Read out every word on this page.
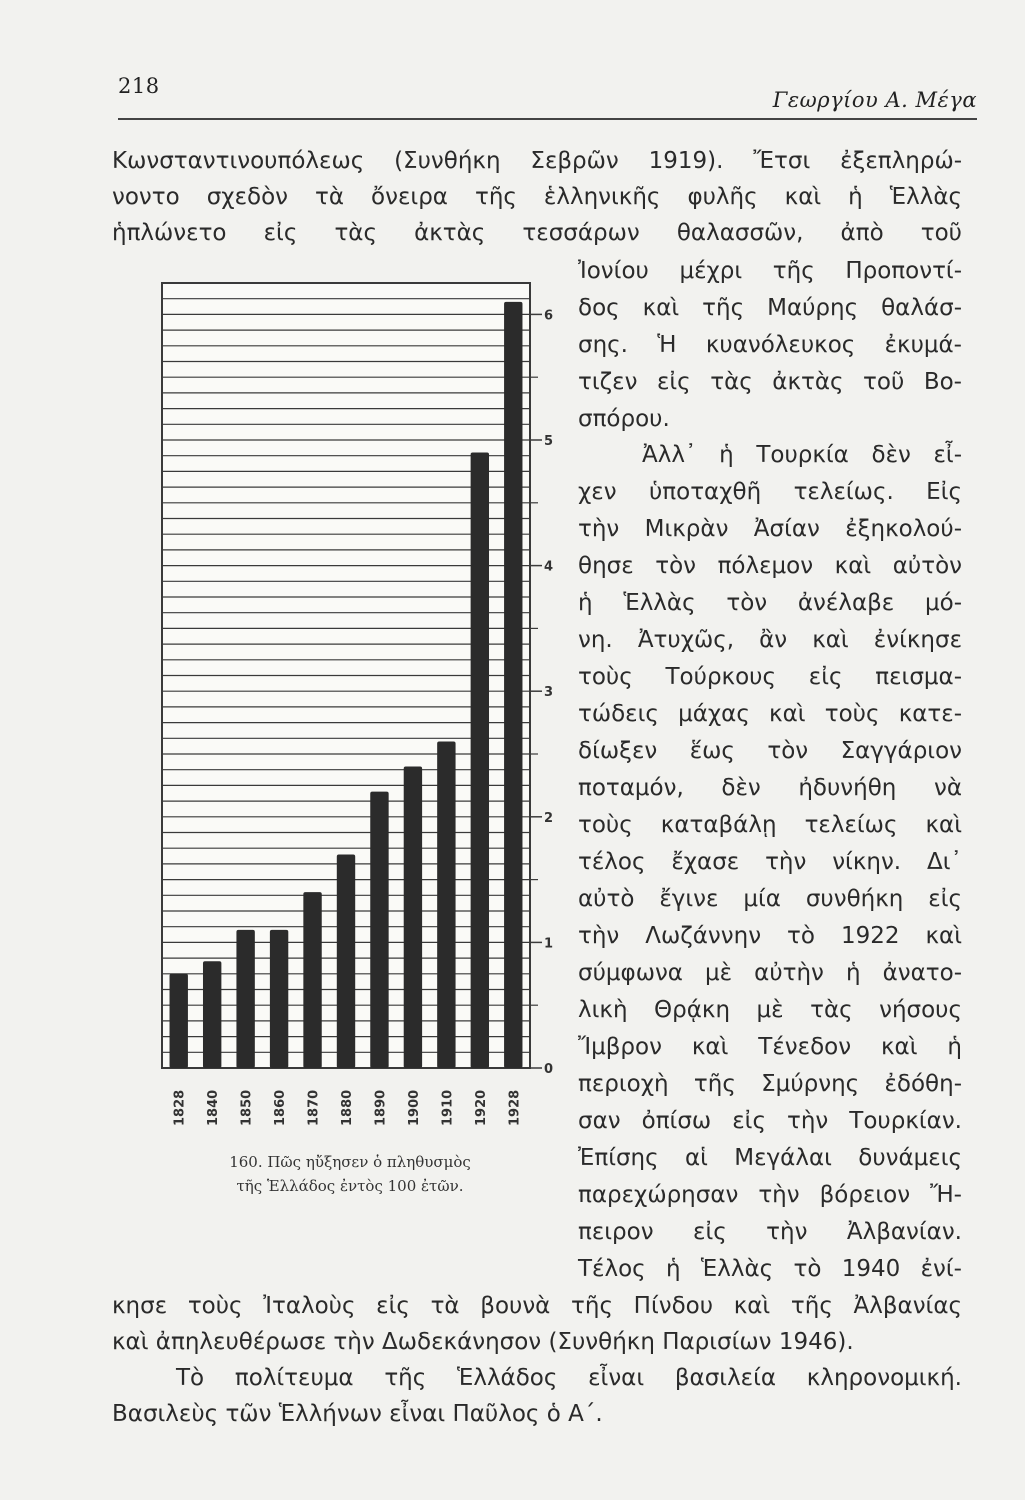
218
Γεωργίου Α. Μέγα
Κωνσταντινουπόλεως (Συνθήκη Σεβρῶν 1919). Ἔτσι ἐξεπληρώ-
νοντο σχεδὸν τὰ ὄνειρα τῆς ἑλληνικῆς φυλῆς καὶ ἡ Ἑλλὰς
ἡπλώνετο εἰς τὰς ἀκτὰς τεσσάρων θαλασσῶν, ἀπὸ τοῦ
Ἰονίου μέχρι τῆς Προποντί-
δος καὶ τῆς Μαύρης θαλάσ-
σης. Ἡ κυανόλευκος ἐκυμά-
τιζεν εἰς τὰς ἀκτὰς τοῦ Βο-
σπόρου.
Ἀλλ᾿ ἡ Τουρκία δὲν εἶ-
χεν ὑποταχθῆ τελείως. Εἰς
τὴν Μικρὰν Ἀσίαν ἐξηκολού-
θησε τὸν πόλεμον καὶ αὐτὸν
ἡ Ἑλλὰς τὸν ἀνέλαβε μό-
νη. Ἀτυχῶς, ἂν καὶ ἐνίκησε
τοὺς Τούρκους εἰς πεισμα-
τώδεις μάχας καὶ τοὺς κατε-
δίωξεν ἕως τὸν Σαγγάριον
ποταμόν, δὲν ἠδυνήθη νὰ
τοὺς καταβάλῃ τελείως καὶ
τέλος ἔχασε τὴν νίκην. Δι᾿
αὐτὸ ἔγινε μία συνθήκη εἰς
τὴν Λωζάννην τὸ 1922 καὶ
σύμφωνα μὲ αὐτὴν ἡ ἀνατο-
λικὴ Θρᾴκη μὲ τὰς νήσους
Ἴμβρον καὶ Τένεδον καὶ ἡ
περιοχὴ τῆς Σμύρνης ἐδόθη-
σαν ὀπίσω εἰς τὴν Τουρκίαν.
Ἐπίσης αἱ Μεγάλαι δυνάμεις
παρεχώρησαν τὴν βόρειον Ἤ-
πειρον εἰς τὴν Ἀλβανίαν.
Τέλος ἡ Ἑλλὰς τὸ 1940 ἐνί-
κησε τοὺς Ἰταλοὺς εἰς τὰ βουνὰ τῆς Πίνδου καὶ τῆς Ἀλβανίας
καὶ ἀπηλευθέρωσε τὴν Δωδεκάνησον (Συνθήκη Παρισίων 1946).
Τὸ πολίτευμα τῆς Ἑλλάδος εἶναι βασιλεία κληρονομική.
Βασιλεὺς τῶν Ἑλλήνων εἶναι Παῦλος ὁ Α΄.
0
1
2
3
4
5
6
1828 1840 1850 1860 1870 1880 1890 1900 1910 1920 1928
160. Πῶς ηὔξησεν ὁ πληθυσμὸς
τῆς Ἑλλάδος ἐντὸς 100 ἐτῶν.
